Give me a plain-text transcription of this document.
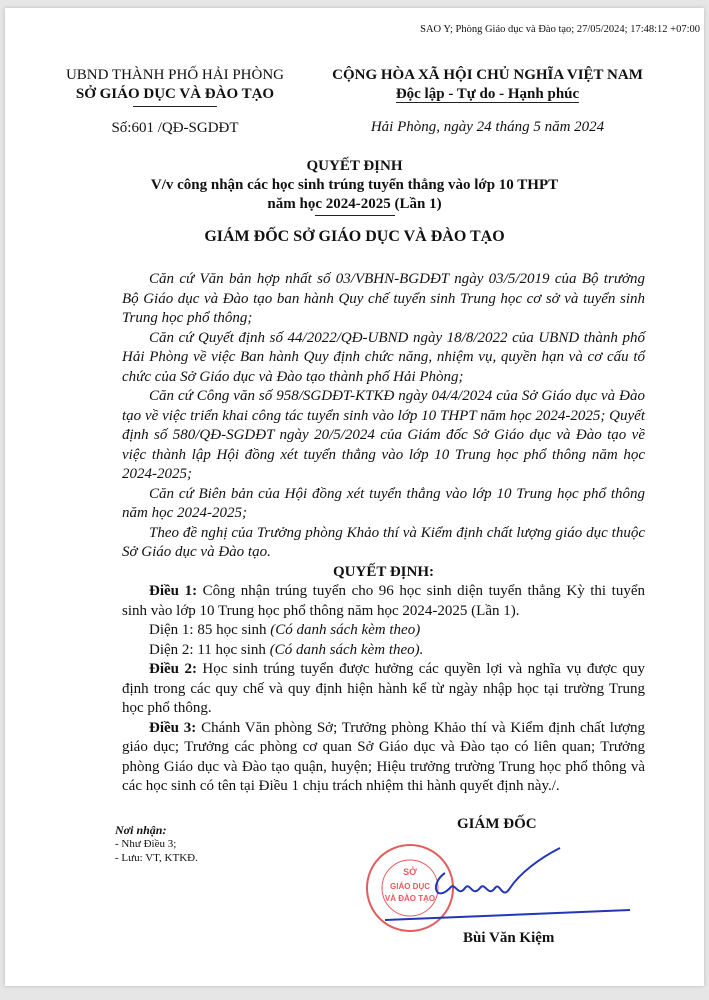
SAO Y; Phòng Giáo dục và Đào tạo; 27/05/2024; 17:48:12 +07:00
UBND THÀNH PHỐ HẢI PHÒNG
SỞ GIÁO DỤC VÀ ĐÀO TẠO
Số:601 /QĐ-SGDĐT
CỘNG HÒA XÃ HỘI CHỦ NGHĨA VIỆT NAM
Độc lập - Tự do - Hạnh phúc
Hải Phòng, ngày 24 tháng 5 năm 2024
QUYẾT ĐỊNH
V/v công nhận các học sinh trúng tuyển thẳng vào lớp 10 THPT
năm học 2024-2025 (Lần 1)
GIÁM ĐỐC SỞ GIÁO DỤC VÀ ĐÀO TẠO

Căn cứ Văn bản hợp nhất số 03/VBHN-BGDĐT ngày 03/5/2019 của Bộ trưởng Bộ Giáo dục và Đào tạo ban hành Quy chế tuyển sinh Trung học cơ sở và tuyển sinh Trung học phổ thông;

Căn cứ Quyết định số 44/2022/QĐ-UBND ngày 18/8/2022 của UBND thành phố Hải Phòng về việc Ban hành Quy định chức năng, nhiệm vụ, quyền hạn và cơ cấu tổ chức của Sở Giáo dục và Đào tạo thành phố Hải Phòng;

Căn cứ Công văn số 958/SGDĐT-KTKĐ ngày 04/4/2024 của Sở Giáo dục và Đào tạo về việc triển khai công tác tuyển sinh vào lớp 10 THPT năm học 2024-2025; Quyết định số 580/QĐ-SGDĐT ngày 20/5/2024 của Giám đốc Sở Giáo dục và Đào tạo về việc thành lập Hội đồng xét tuyển thẳng vào lớp 10 Trung học phổ thông năm học 2024-2025;

Căn cứ Biên bản của Hội đồng xét tuyển thẳng vào lớp 10 Trung học phổ thông năm học 2024-2025;

Theo đề nghị của Trưởng phòng Khảo thí và Kiểm định chất lượng giáo dục thuộc Sở Giáo dục và Đào tạo.

QUYẾT ĐỊNH:

Điều 1: Công nhận trúng tuyển cho 96 học sinh diện tuyển thẳng Kỳ thi tuyển sinh vào lớp 10 Trung học phổ thông năm học 2024-2025 (Lần 1).

Diện 1: 85 học sinh (Có danh sách kèm theo)

Diện 2: 11 học sinh (Có danh sách kèm theo).

Điều 2: Học sinh trúng tuyển được hưởng các quyền lợi và nghĩa vụ được quy định trong các quy chế và quy định hiện hành kể từ ngày nhập học tại trường Trung học phổ thông.

Điều 3: Chánh Văn phòng Sở; Trưởng phòng Khảo thí và Kiểm định chất lượng giáo dục; Trưởng các phòng cơ quan Sở Giáo dục và Đào tạo có liên quan; Trưởng phòng Giáo dục và Đào tạo quận, huyện; Hiệu trưởng trường Trung học phổ thông và các học sinh có tên tại Điều 1 chịu trách nhiệm thi hành quyết định này./.

Nơi nhận:
- Như Điều 3;
- Lưu: VT, KTKĐ.
GIÁM ĐỐC
SỞ
GIÁO DỤC
VÀ ĐÀO TẠO
Bùi Văn Kiệm
